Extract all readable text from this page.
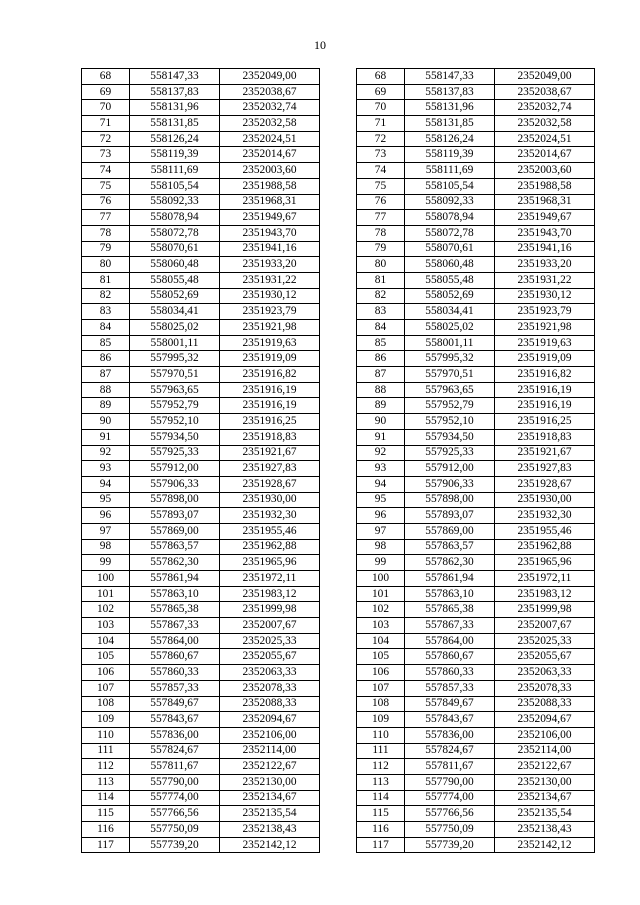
10
68	558147,33	2352049,00		68	558147,33	2352049,00
69	558137,83	2352038,67		69	558137,83	2352038,67
70	558131,96	2352032,74		70	558131,96	2352032,74
71	558131,85	2352032,58		71	558131,85	2352032,58
72	558126,24	2352024,51		72	558126,24	2352024,51
73	558119,39	2352014,67		73	558119,39	2352014,67
74	558111,69	2352003,60		74	558111,69	2352003,60
75	558105,54	2351988,58		75	558105,54	2351988,58
76	558092,33	2351968,31		76	558092,33	2351968,31
77	558078,94	2351949,67		77	558078,94	2351949,67
78	558072,78	2351943,70		78	558072,78	2351943,70
79	558070,61	2351941,16		79	558070,61	2351941,16
80	558060,48	2351933,20		80	558060,48	2351933,20
81	558055,48	2351931,22		81	558055,48	2351931,22
82	558052,69	2351930,12		82	558052,69	2351930,12
83	558034,41	2351923,79		83	558034,41	2351923,79
84	558025,02	2351921,98		84	558025,02	2351921,98
85	558001,11	2351919,63		85	558001,11	2351919,63
86	557995,32	2351919,09		86	557995,32	2351919,09
87	557970,51	2351916,82		87	557970,51	2351916,82
88	557963,65	2351916,19		88	557963,65	2351916,19
89	557952,79	2351916,19		89	557952,79	2351916,19
90	557952,10	2351916,25		90	557952,10	2351916,25
91	557934,50	2351918,83		91	557934,50	2351918,83
92	557925,33	2351921,67		92	557925,33	2351921,67
93	557912,00	2351927,83		93	557912,00	2351927,83
94	557906,33	2351928,67		94	557906,33	2351928,67
95	557898,00	2351930,00		95	557898,00	2351930,00
96	557893,07	2351932,30		96	557893,07	2351932,30
97	557869,00	2351955,46		97	557869,00	2351955,46
98	557863,57	2351962,88		98	557863,57	2351962,88
99	557862,30	2351965,96		99	557862,30	2351965,96
100	557861,94	2351972,11		100	557861,94	2351972,11
101	557863,10	2351983,12		101	557863,10	2351983,12
102	557865,38	2351999,98		102	557865,38	2351999,98
103	557867,33	2352007,67		103	557867,33	2352007,67
104	557864,00	2352025,33		104	557864,00	2352025,33
105	557860,67	2352055,67		105	557860,67	2352055,67
106	557860,33	2352063,33		106	557860,33	2352063,33
107	557857,33	2352078,33		107	557857,33	2352078,33
108	557849,67	2352088,33		108	557849,67	2352088,33
109	557843,67	2352094,67		109	557843,67	2352094,67
110	557836,00	2352106,00		110	557836,00	2352106,00
111	557824,67	2352114,00		111	557824,67	2352114,00
112	557811,67	2352122,67		112	557811,67	2352122,67
113	557790,00	2352130,00		113	557790,00	2352130,00
114	557774,00	2352134,67		114	557774,00	2352134,67
115	557766,56	2352135,54		115	557766,56	2352135,54
116	557750,09	2352138,43		116	557750,09	2352138,43
117	557739,20	2352142,12		117	557739,20	2352142,12
